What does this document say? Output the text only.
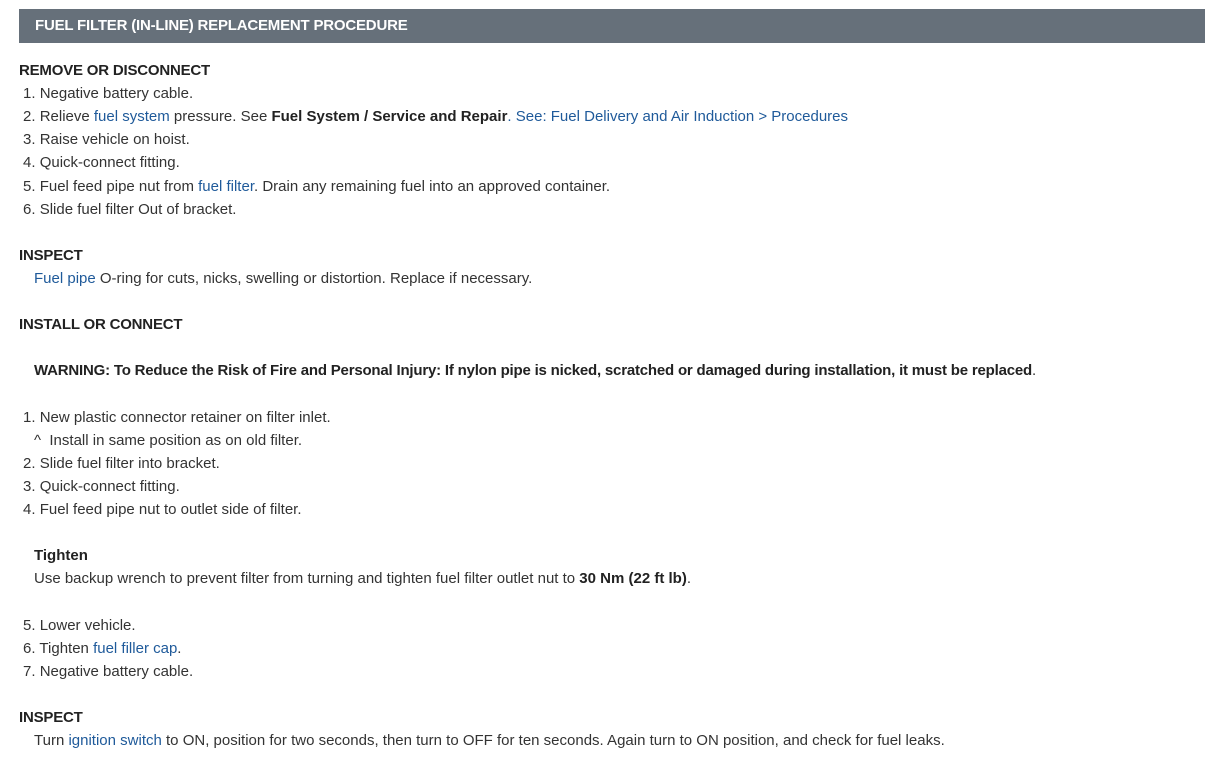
FUEL FILTER (IN-LINE) REPLACEMENT PROCEDURE
REMOVE OR DISCONNECT
1. Negative battery cable.
2. Relieve fuel system pressure. See Fuel System / Service and Repair. See: Fuel Delivery and Air Induction > Procedures
3. Raise vehicle on hoist.
4. Quick-connect fitting.
5. Fuel feed pipe nut from fuel filter. Drain any remaining fuel into an approved container.
6. Slide fuel filter Out of bracket.
INSPECT
Fuel pipe O-ring for cuts, nicks, swelling or distortion. Replace if necessary.
INSTALL OR CONNECT
WARNING: To Reduce the Risk of Fire and Personal Injury: If nylon pipe is nicked, scratched or damaged during installation, it must be replaced.
1. New plastic connector retainer on filter inlet.
^ Install in same position as on old filter.
2. Slide fuel filter into bracket.
3. Quick-connect fitting.
4. Fuel feed pipe nut to outlet side of filter.
Tighten
Use backup wrench to prevent filter from turning and tighten fuel filter outlet nut to 30 Nm (22 ft lb).
5. Lower vehicle.
6. Tighten fuel filler cap.
7. Negative battery cable.
INSPECT
Turn ignition switch to ON, position for two seconds, then turn to OFF for ten seconds. Again turn to ON position, and check for fuel leaks.
